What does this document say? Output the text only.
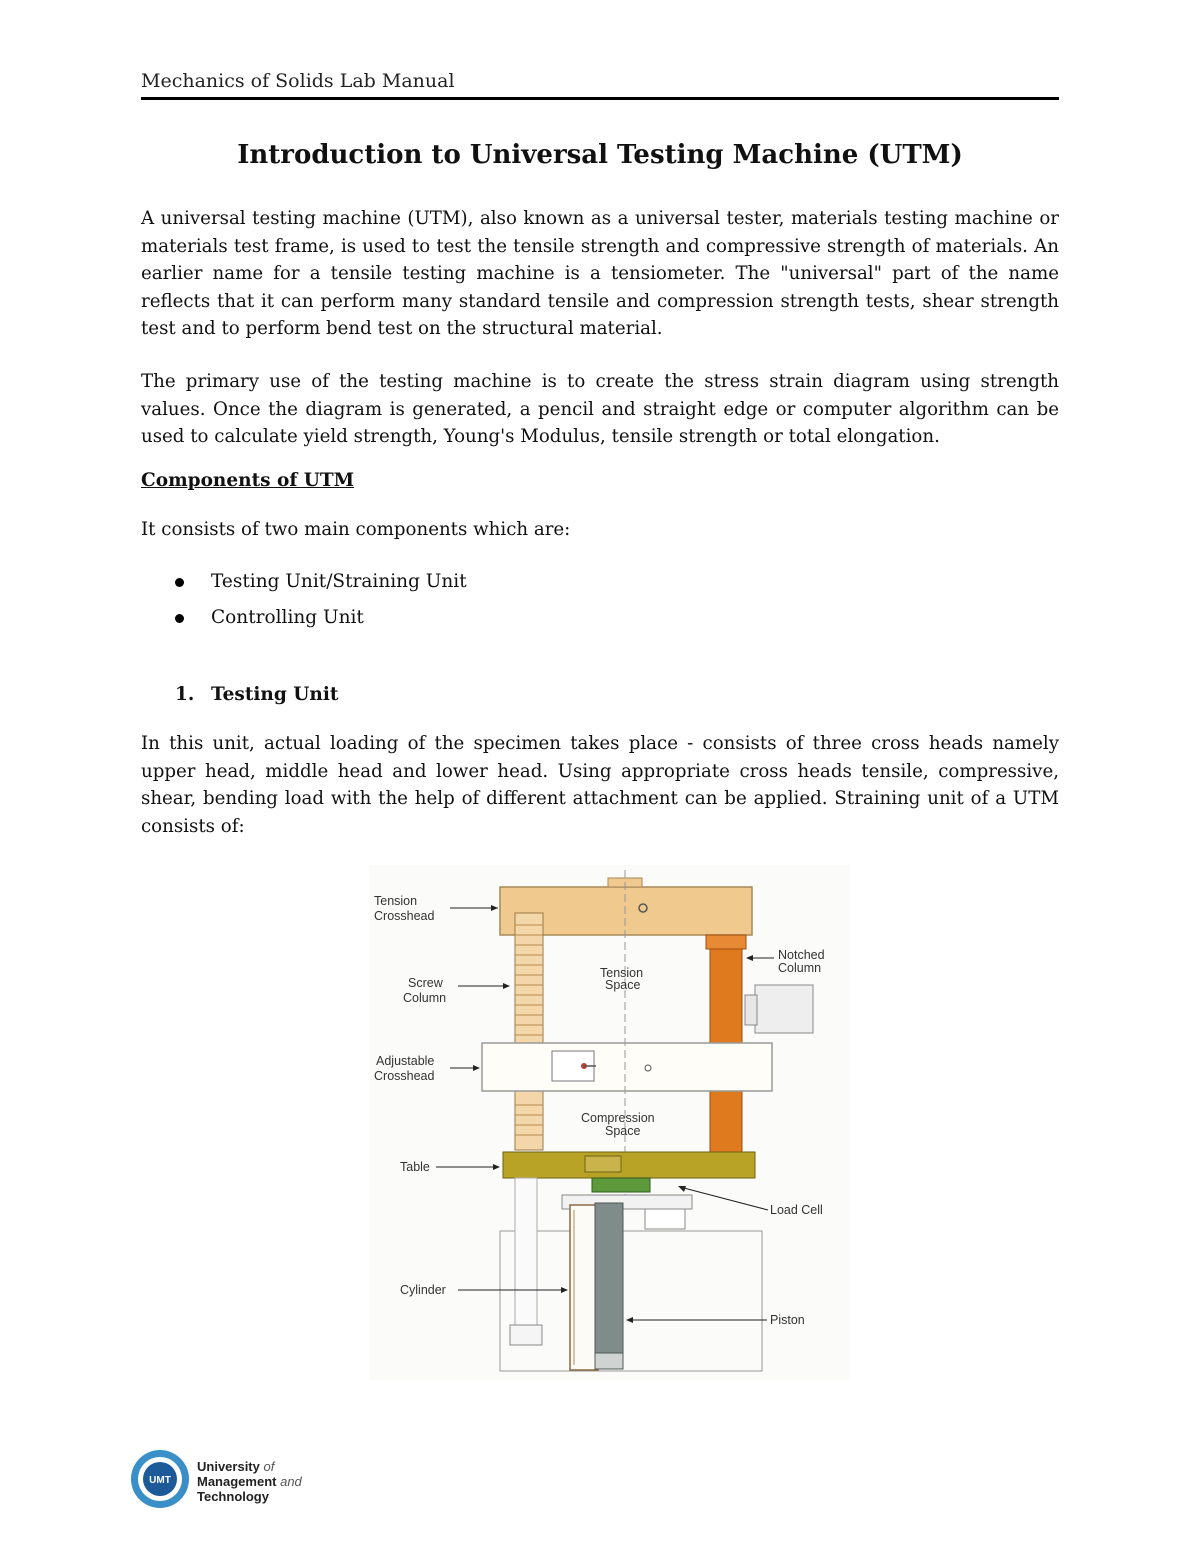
Mechanics of Solids Lab Manual
Introduction to Universal Testing Machine (UTM)
A universal testing machine (UTM), also known as a universal tester, materials testing machine or materials test frame, is used to test the tensile strength and compressive strength of materials. An earlier name for a tensile testing machine is a tensiometer. The "universal" part of the name reflects that it can perform many standard tensile and compression strength tests, shear strength test and to perform bend test on the structural material.
The primary use of the testing machine is to create the stress strain diagram using strength values. Once the diagram is generated, a pencil and straight edge or computer algorithm can be used to calculate yield strength, Young's Modulus, tensile strength or total elongation.
Components of UTM
It consists of two main components which are:
Testing Unit/Straining Unit
Controlling Unit
1. Testing Unit
In this unit, actual loading of the specimen takes place - consists of three cross heads namely upper head, middle head and lower head. Using appropriate cross heads tensile, compressive, shear, bending load with the help of different attachment can be applied. Straining unit of a UTM consists of:
Tension
Crosshead
Screw
Column
Adjustable
Crosshead
Table
Cylinder
Tension
Space
Compression
Space
Notched
Column
Load Cell
Piston
UMT
University of
Management and
Technology
